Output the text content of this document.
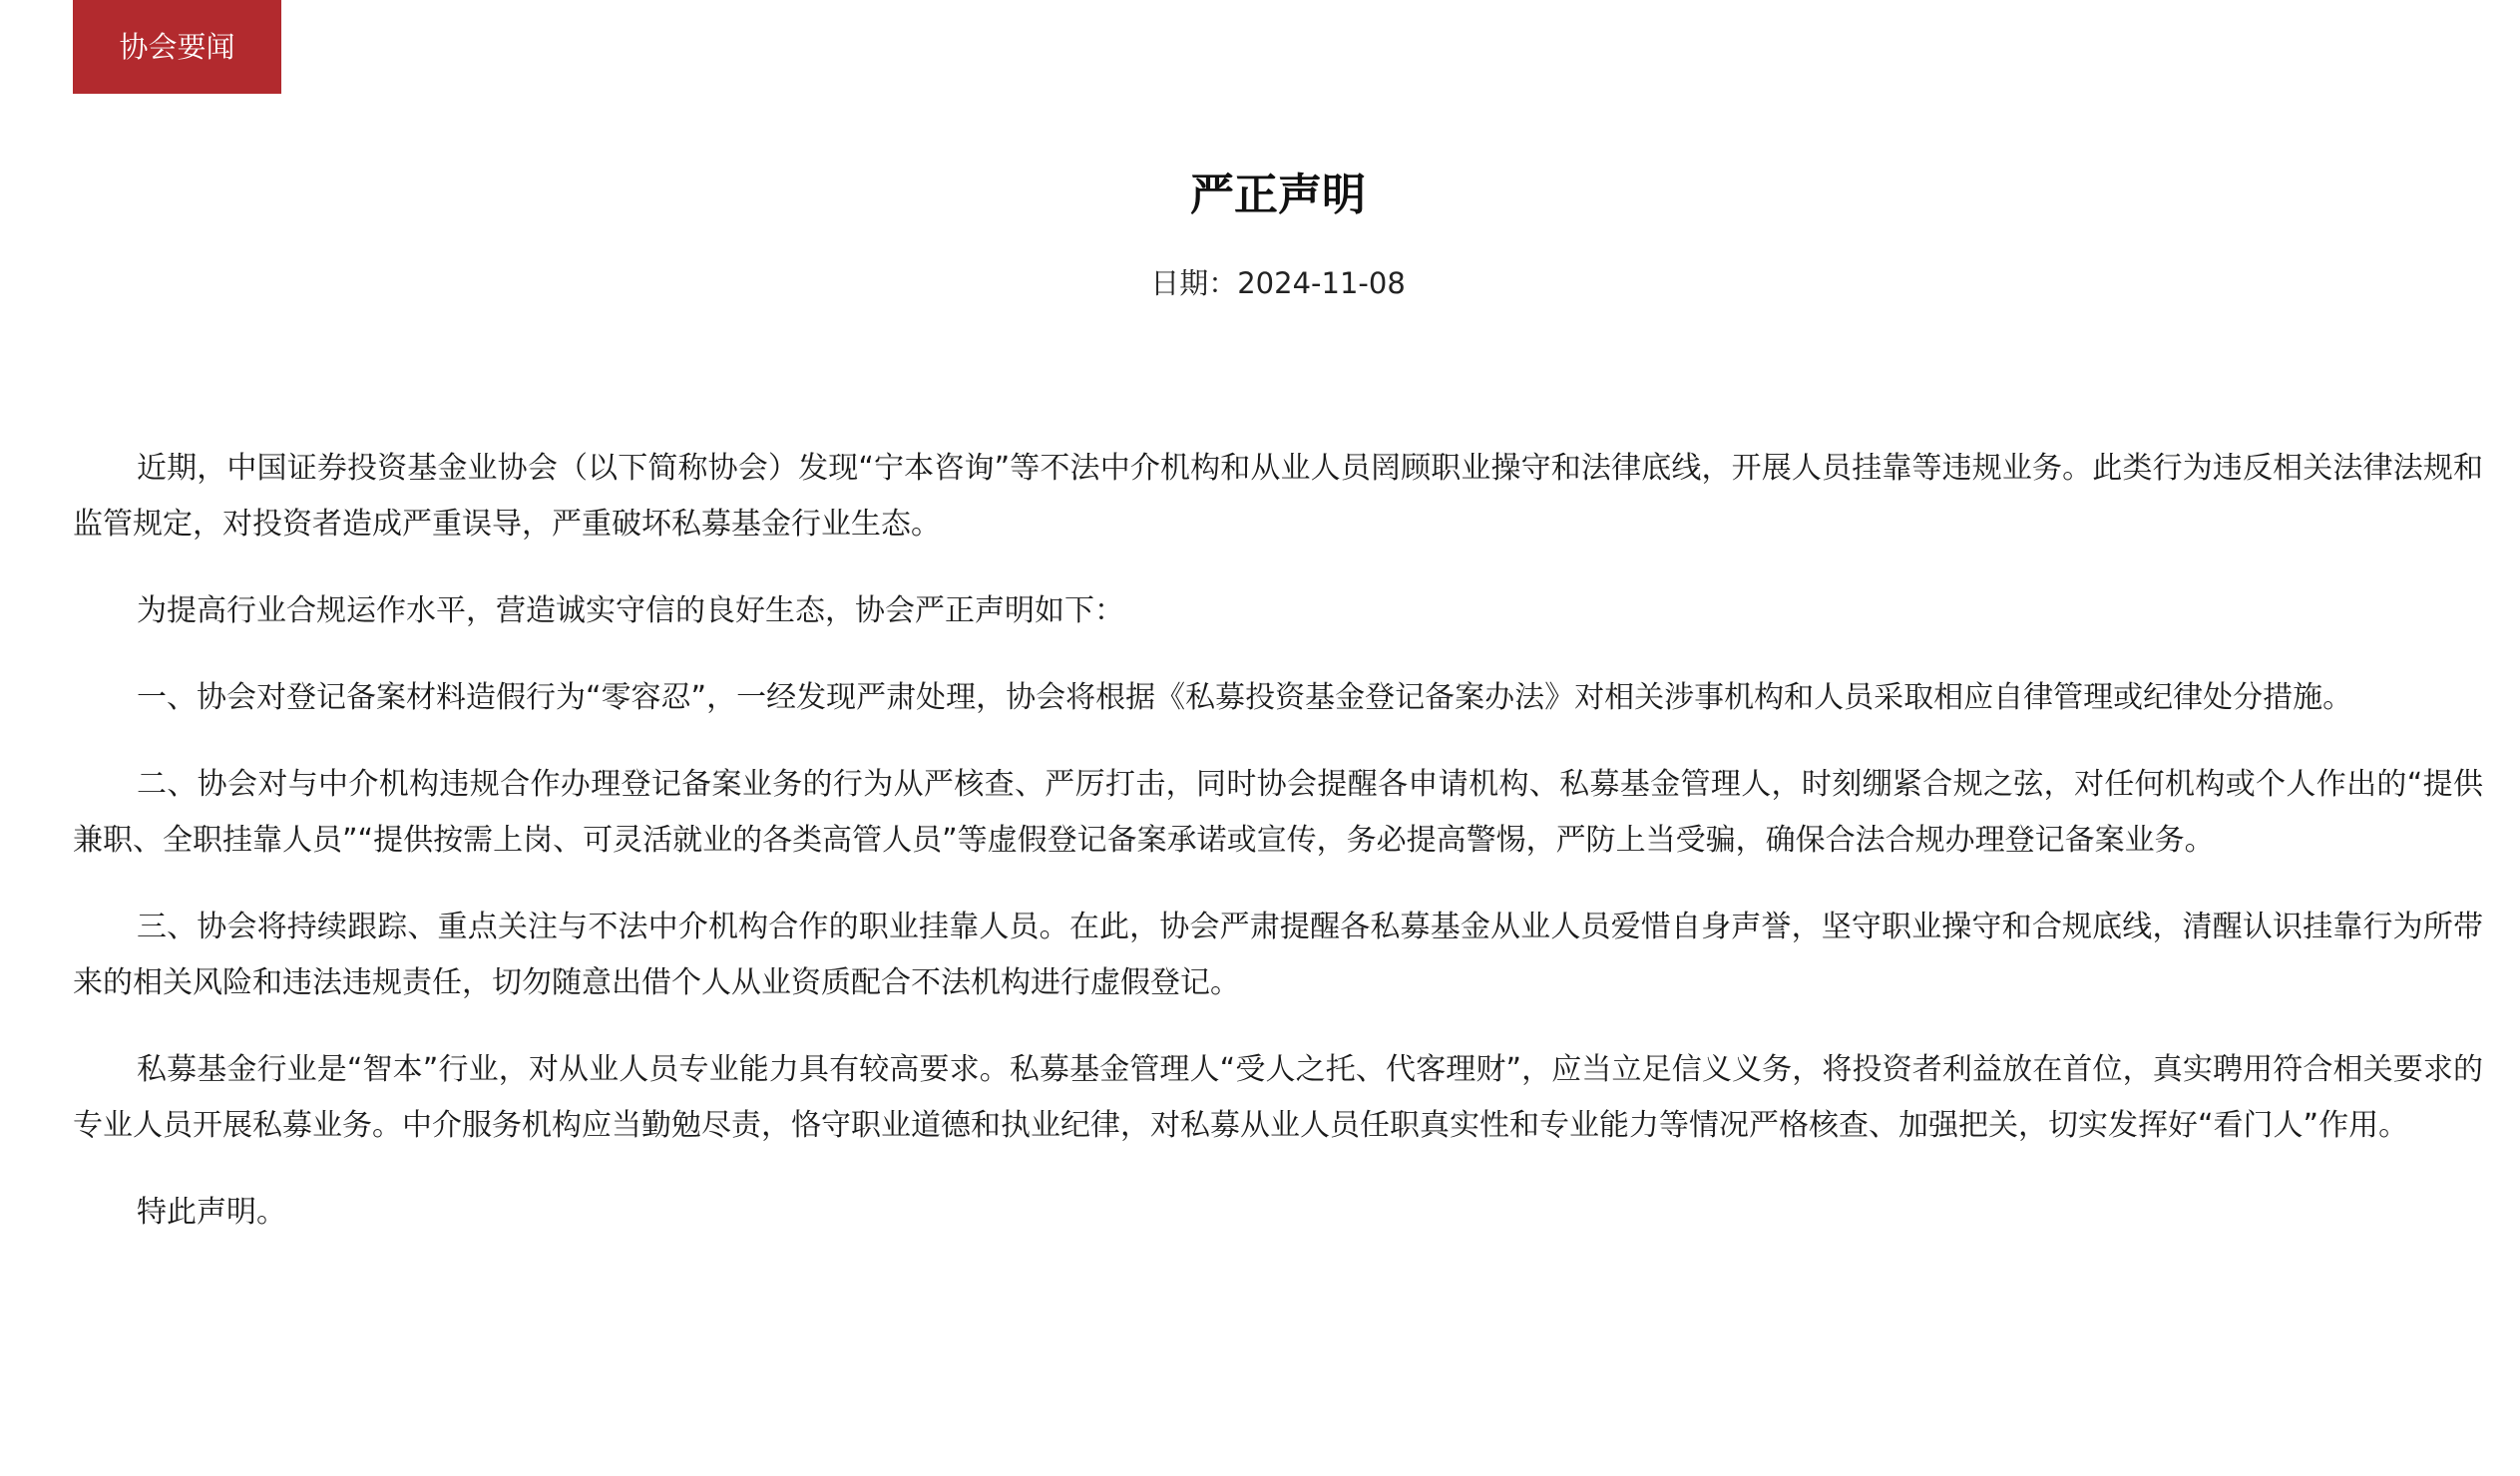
协会要闻
严正声明
日期：2024-11-08

近期，中国证券投资基金业协会（以下简称协会）发现“宁本咨询”等不法中介机构和从业人员罔顾职业操守和法律底线，开展人员挂靠等违规业务。此类行为违反相关法律法规和监管规定，对投资者造成严重误导，严重破坏私募基金行业生态。

为提高行业合规运作水平，营造诚实守信的良好生态，协会严正声明如下：

一、协会对登记备案材料造假行为“零容忍”，一经发现严肃处理，协会将根据《私募投资基金登记备案办法》对相关涉事机构和人员采取相应自律管理或纪律处分措施。

二、协会对与中介机构违规合作办理登记备案业务的行为从严核查、严厉打击，同时协会提醒各申请机构、私募基金管理人，时刻绷紧合规之弦，对任何机构或个人作出的“提供兼职、全职挂靠人员”“提供按需上岗、可灵活就业的各类高管人员”等虚假登记备案承诺或宣传，务必提高警惕，严防上当受骗，确保合法合规办理登记备案业务。

三、协会将持续跟踪、重点关注与不法中介机构合作的职业挂靠人员。在此，协会严肃提醒各私募基金从业人员爱惜自身声誉，坚守职业操守和合规底线，清醒认识挂靠行为所带来的相关风险和违法违规责任，切勿随意出借个人从业资质配合不法机构进行虚假登记。

私募基金行业是“智本”行业，对从业人员专业能力具有较高要求。私募基金管理人“受人之托、代客理财”，应当立足信义义务，将投资者利益放在首位，真实聘用符合相关要求的专业人员开展私募业务。中介服务机构应当勤勉尽责，恪守职业道德和执业纪律，对私募从业人员任职真实性和专业能力等情况严格核查、加强把关，切实发挥好“看门人”作用。

特此声明。
